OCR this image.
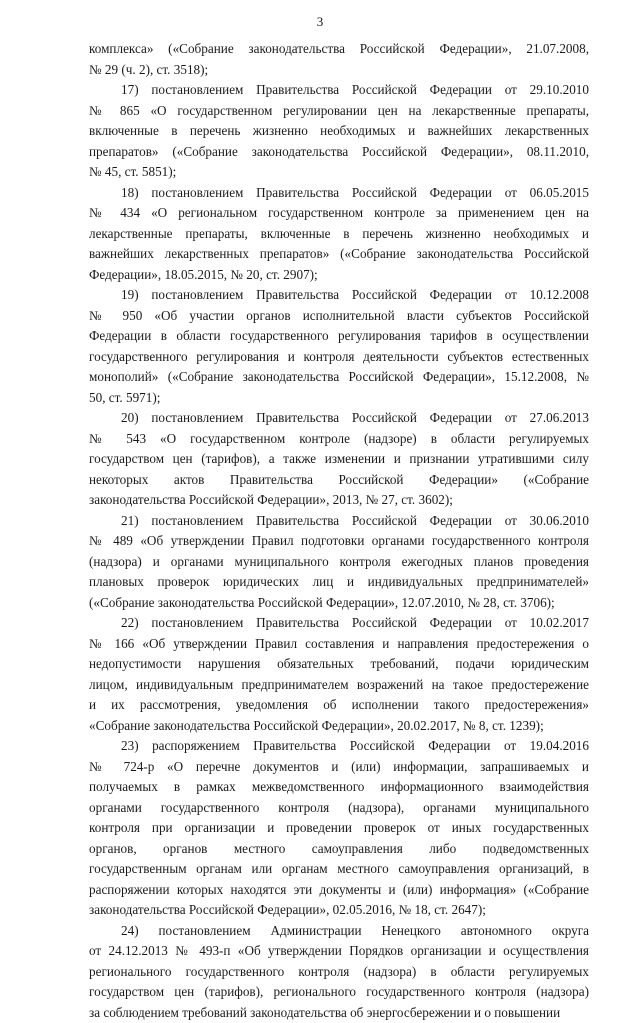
3
комплекса» («Собрание законодательства Российской Федерации», 21.07.2008,
№ 29 (ч. 2), ст. 3518);
17) постановлением Правительства Российской Федерации от 29.10.2010
№ 865 «О государственном регулировании цен на лекарственные препараты,
включенные в перечень жизненно необходимых и важнейших лекарственных
препаратов» («Собрание законодательства Российской Федерации», 08.11.2010,
№ 45, ст. 5851);
18) постановлением Правительства Российской Федерации от 06.05.2015
№ 434 «О региональном государственном контроле за применением цен на
лекарственные препараты, включенные в перечень жизненно необходимых и
важнейших лекарственных препаратов» («Собрание законодательства Российской
Федерации», 18.05.2015, № 20, ст. 2907);
19) постановлением Правительства Российской Федерации от 10.12.2008
№ 950 «Об участии органов исполнительной власти субъектов Российской
Федерации в области государственного регулирования тарифов в осуществлении
государственного регулирования и контроля деятельности субъектов естественных
монополий» («Собрание законодательства Российской Федерации», 15.12.2008, №
50, ст. 5971);
20) постановлением Правительства Российской Федерации от 27.06.2013
№ 543 «О государственном контроле (надзоре) в области регулируемых
государством цен (тарифов), а также изменении и признании утратившими силу
некоторых актов Правительства Российской Федерации» («Собрание
законодательства Российской Федерации», 2013, № 27, ст. 3602);
21) постановлением Правительства Российской Федерации от 30.06.2010
№ 489 «Об утверждении Правил подготовки органами государственного контроля
(надзора) и органами муниципального контроля ежегодных планов проведения
плановых проверок юридических лиц и индивидуальных предпринимателей»
(«Собрание законодательства Российской Федерации», 12.07.2010, № 28, ст. 3706);
22) постановлением Правительства Российской Федерации от 10.02.2017
№ 166 «Об утверждении Правил составления и направления предостережения о
недопустимости нарушения обязательных требований, подачи юридическим
лицом, индивидуальным предпринимателем возражений на такое предостережение
и их рассмотрения, уведомления об исполнении такого предостережения»
«Собрание законодательства Российской Федерации», 20.02.2017, № 8, ст. 1239);
23) распоряжением Правительства Российской Федерации от 19.04.2016
№ 724-р «О перечне документов и (или) информации, запрашиваемых и
получаемых в рамках межведомственного информационного взаимодействия
органами государственного контроля (надзора), органами муниципального
контроля при организации и проведении проверок от иных государственных
органов, органов местного самоуправления либо подведомственных
государственным органам или органам местного самоуправления организаций, в
распоряжении которых находятся эти документы и (или) информация» («Собрание
законодательства Российской Федерации», 02.05.2016, № 18, ст. 2647);
24) постановлением Администрации Ненецкого автономного округа
от 24.12.2013 № 493-п «Об утверждении Порядков организации и осуществления
регионального государственного контроля (надзора) в области регулируемых
государством цен (тарифов), регионального государственного контроля (надзора)
за соблюдением требований законодательства об энергосбережении и о повышении
